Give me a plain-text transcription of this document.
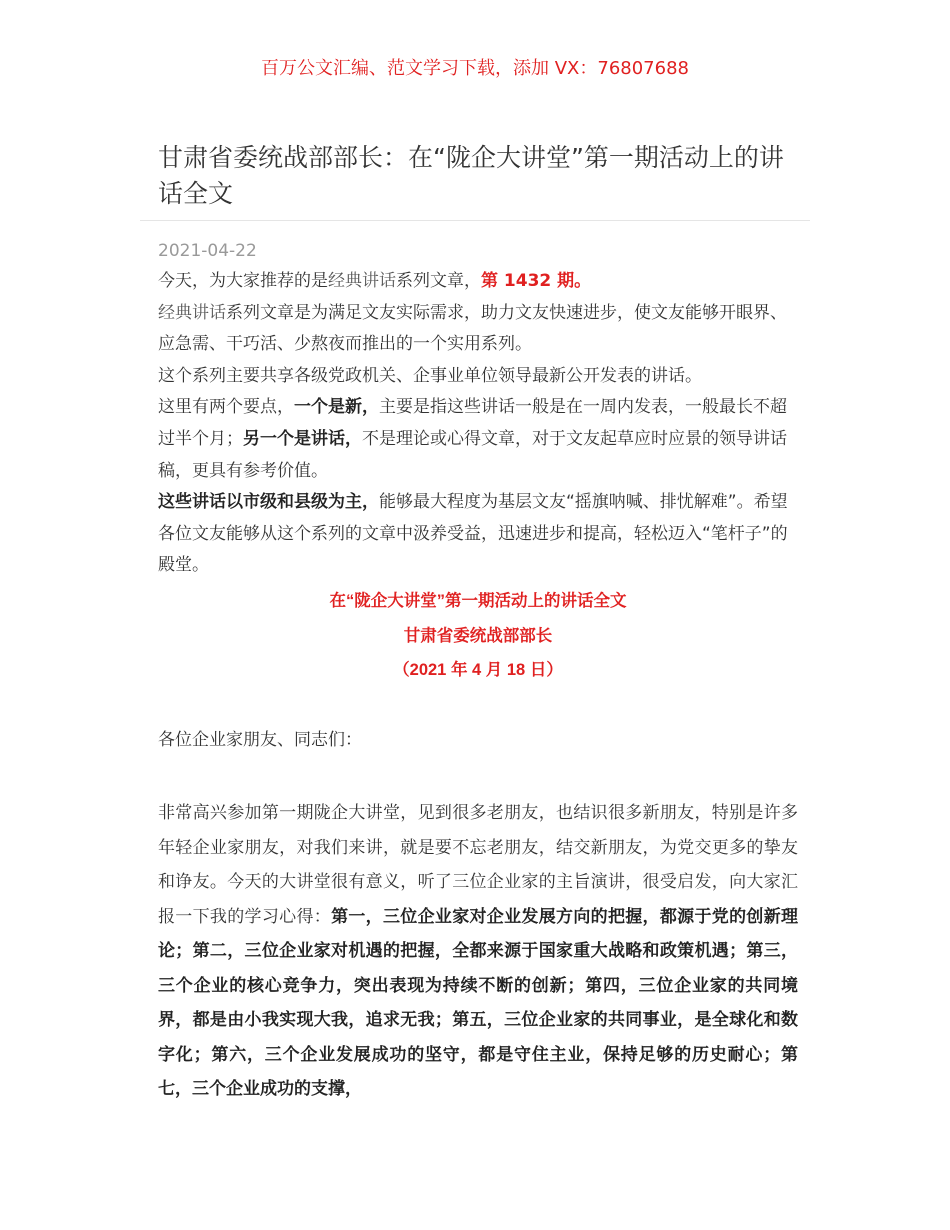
百万公文汇编、范文学习下载，添加 VX：76807688
甘肃省委统战部部长：在“陇企大讲堂”第一期活动上的讲话全文
2021-04-22

今天，为大家推荐的是经典讲话系列文章，第 1432 期。

经典讲话系列文章是为满足文友实际需求，助力文友快速进步，使文友能够开眼界、应急需、干巧活、少熬夜而推出的一个实用系列。

这个系列主要共享各级党政机关、企事业单位领导最新公开发表的讲话。

这里有两个要点，一个是新，主要是指这些讲话一般是在一周内发表，一般最长不超过半个月；另一个是讲话，不是理论或心得文章，对于文友起草应时应景的领导讲话稿，更具有参考价值。

这些讲话以市级和县级为主，能够最大程度为基层文友“摇旗呐喊、排忧解难”。希望各位文友能够从这个系列的文章中汲养受益，迅速进步和提高，轻松迈入“笔杆子”的殿堂。

在“陇企大讲堂”第一期活动上的讲话全文
甘肃省委统战部部长
（2021 年 4 月 18 日）
各位企业家朋友、同志们：

非常高兴参加第一期陇企大讲堂，见到很多老朋友，也结识很多新朋友，特别是许多年轻企业家朋友，对我们来讲，就是要不忘老朋友，结交新朋友，为党交更多的挚友和诤友。今天的大讲堂很有意义，听了三位企业家的主旨演讲，很受启发，向大家汇报一下我的学习心得：第一，三位企业家对企业发展方向的把握，都源于党的创新理论；第二，三位企业家对机遇的把握，全都来源于国家重大战略和政策机遇；第三，三个企业的核心竞争力，突出表现为持续不断的创新；第四，三位企业家的共同境界，都是由小我实现大我，追求无我；第五，三位企业家的共同事业，是全球化和数字化；第六，三个企业发展成功的坚守，都是守住主业，保持足够的历史耐心；第七，三个企业成功的支撑，
